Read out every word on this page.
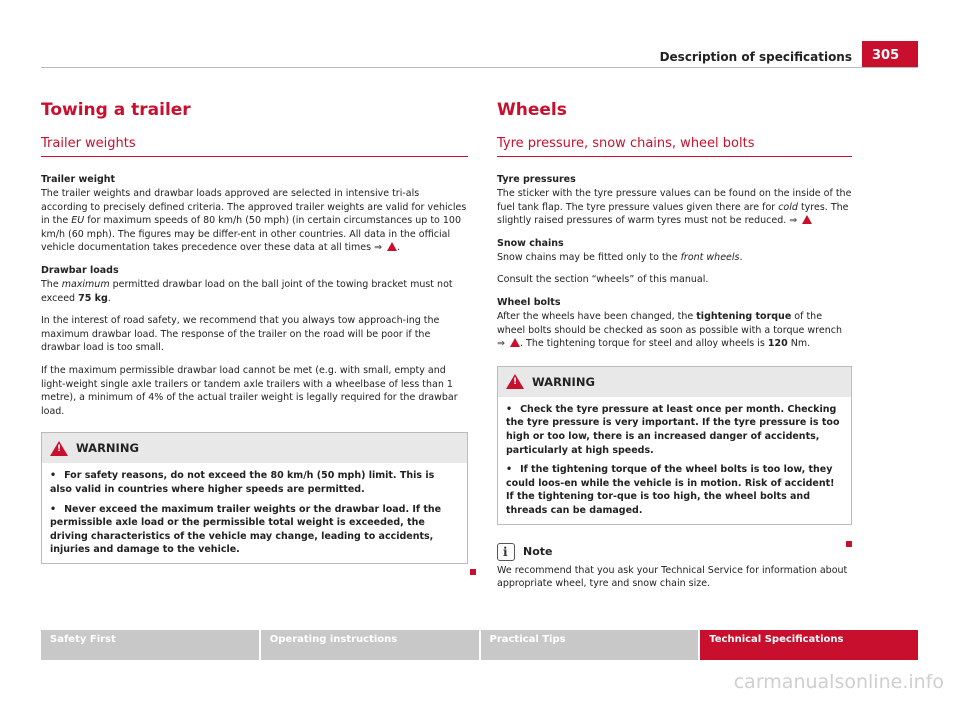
Description of specifications	305
Towing a trailer
Trailer weights
Trailer weight

The trailer weights and drawbar loads approved are selected in intensive tri-als according to precisely defined criteria. The approved trailer weights are valid for vehicles in the EU for maximum speeds of 80 km/h (50 mph) (in certain circumstances up to 100 km/h (60 mph). The figures may be differ-ent in other countries. All data in the official vehicle documentation takes precedence over these data at all times ⇒ .

Drawbar loads

The maximum permitted drawbar load on the ball joint of the towing bracket must not exceed 75 kg.

In the interest of road safety, we recommend that you always tow approach-ing the maximum drawbar load. The response of the trailer on the road will be poor if the drawbar load is too small.

If the maximum permissible drawbar load cannot be met (e.g. with small, empty and light-weight single axle trailers or tandem axle trailers with a wheelbase of less than 1 metre), a minimum of 4% of the actual trailer weight is legally required for the drawbar load.

!
WARNING

• For safety reasons, do not exceed the 80 km/h (50 mph) limit. This is also valid in countries where higher speeds are permitted.

• Never exceed the maximum trailer weights or the drawbar load. If the permissible axle load or the permissible total weight is exceeded, the driving characteristics of the vehicle may change, leading to accidents, injuries and damage to the vehicle.

Wheels
Tyre pressure, snow chains, wheel bolts
Tyre pressures

The sticker with the tyre pressure values can be found on the inside of the fuel tank flap. The tyre pressure values given there are for cold tyres. The slightly raised pressures of warm tyres must not be reduced. ⇒

Snow chains

Snow chains may be fitted only to the front wheels.

Consult the section “wheels” of this manual.

Wheel bolts

After the wheels have been changed, the tightening torque of the wheel bolts should be checked as soon as possible with a torque wrench ⇒ . The tightening torque for steel and alloy wheels is 120 Nm.

!
WARNING

• Check the tyre pressure at least once per month. Checking the tyre pressure is very important. If the tyre pressure is too high or too low, there is an increased danger of accidents, particularly at high speeds.

• If the tightening torque of the wheel bolts is too low, they could loos-en while the vehicle is in motion. Risk of accident! If the tightening tor-que is too high, the wheel bolts and threads can be damaged.

i
Note

We recommend that you ask your Technical Service for information about appropriate wheel, tyre and snow chain size.

Safety First	Operating instructions	Practical Tips	Technical Specifications
carmanualsonline.info
